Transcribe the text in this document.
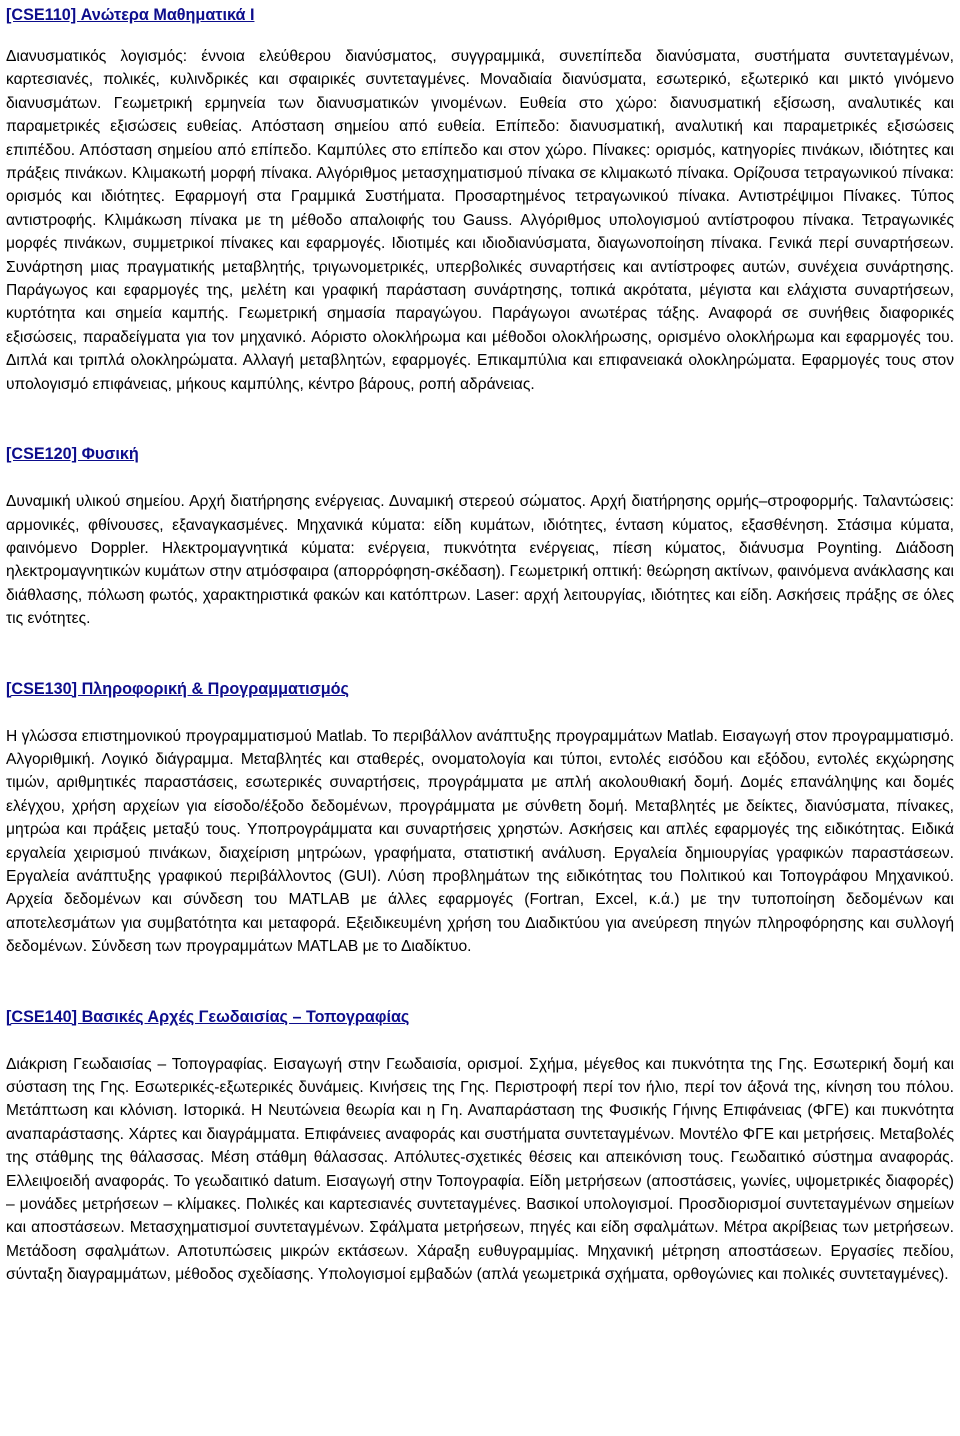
[CSE110] Ανώτερα Μαθηματικά Ι

Διανυσματικός λογισμός: έννοια ελεύθερου διανύσματος, συγγραμμικά, συνεπίπεδα διανύσματα, συστήματα συντεταγμένων, καρτεσιανές, πολικές, κυλινδρικές και σφαιρικές συντεταγμένες. Μοναδιαία διανύσματα, εσωτερικό, εξωτερικό και μικτό γινόμενο διανυσμάτων. Γεωμετρική ερμηνεία των διανυσματικών γινομένων. Ευθεία στο χώρο: διανυσματική εξίσωση, αναλυτικές και παραμετρικές εξισώσεις ευθείας. Απόσταση σημείου από ευθεία. Επίπεδο: διανυσματική, αναλυτική και παραμετρικές εξισώσεις επιπέδου. Απόσταση σημείου από επίπεδο. Καμπύλες στο επίπεδο και στον χώρο. Πίνακες: ορισμός, κατηγορίες πινάκων, ιδιότητες και πράξεις πινάκων. Κλιμακωτή μορφή πίνακα. Αλγόριθμος μετασχηματισμού πίνακα σε κλιμακωτό πίνακα. Ορίζουσα τετραγωνικού πίνακα: ορισμός και ιδιότητες. Εφαρμογή στα Γραμμικά Συστήματα. Προσαρτημένος τετραγωνικού πίνακα. Αντιστρέψιμοι Πίνακες. Τύπος αντιστροφής. Κλιμάκωση πίνακα με τη μέθοδο απαλοιφής του Gauss. Αλγόριθμος υπολογισμού αντίστροφου πίνακα. Τετραγωνικές μορφές πινάκων, συμμετρικοί πίνακες και εφαρμογές. Ιδιοτιμές και ιδιοδιανύσματα, διαγωνοποίηση πίνακα. Γενικά περί συναρτήσεων. Συνάρτηση μιας πραγματικής μεταβλητής, τριγωνομετρικές, υπερβολικές συναρτήσεις και αντίστροφες αυτών, συνέχεια συνάρτησης. Παράγωγος και εφαρμογές της, μελέτη και γραφική παράσταση συνάρτησης, τοπικά ακρότατα, μέγιστα και ελάχιστα συναρτήσεων, κυρτότητα και σημεία καμπής. Γεωμετρική σημασία παραγώγου. Παράγωγοι ανωτέρας τάξης. Αναφορά σε συνήθεις διαφορικές εξισώσεις, παραδείγματα για τον μηχανικό. Αόριστο ολοκλήρωμα και μέθοδοι ολοκλήρωσης, ορισμένο ολοκλήρωμα και εφαρμογές του. Διπλά και τριπλά ολοκληρώματα. Αλλαγή μεταβλητών, εφαρμογές. Επικαμπύλια και επιφανειακά ολοκληρώματα. Εφαρμογές τους στον υπολογισμό επιφάνειας, μήκους καμπύλης, κέντρο βάρους, ροπή αδράνειας.

[CSE120] Φυσική

Δυναμική υλικού σημείου. Αρχή διατήρησης ενέργειας. Δυναμική στερεού σώματος. Αρχή διατήρησης ορμής–στροφορμής. Ταλαντώσεις: αρμονικές, φθίνουσες, εξαναγκασμένες. Μηχανικά κύματα: είδη κυμάτων, ιδιότητες, ένταση κύματος, εξασθένηση. Στάσιμα κύματα, φαινόμενο Doppler. Ηλεκτρομαγνητικά κύματα: ενέργεια, πυκνότητα ενέργειας, πίεση κύματος, διάνυσμα Poynting. Διάδοση ηλεκτρομαγνητικών κυμάτων στην ατμόσφαιρα (απορρόφηση-σκέδαση). Γεωμετρική οπτική: θεώρηση ακτίνων, φαινόμενα ανάκλασης και διάθλασης, πόλωση φωτός, χαρακτηριστικά φακών και κατόπτρων. Laser: αρχή λειτουργίας, ιδιότητες και είδη. Ασκήσεις πράξης σε όλες τις ενότητες.

[CSE130] Πληροφορική & Προγραμματισμός

Η γλώσσα επιστημονικού προγραμματισμού Matlab. Το περιβάλλον ανάπτυξης προγραμμάτων Matlab. Εισαγωγή στον προγραμματισμό. Αλγοριθμική. Λογικό διάγραμμα. Μεταβλητές και σταθερές, ονοματολογία και τύποι, εντολές εισόδου και εξόδου, εντολές εκχώρησης τιμών, αριθμητικές παραστάσεις, εσωτερικές συναρτήσεις, προγράμματα με απλή ακολουθιακή δομή. Δομές επανάληψης και δομές ελέγχου, χρήση αρχείων για είσοδο/έξοδο δεδομένων, προγράμματα με σύνθετη δομή. Μεταβλητές με δείκτες, διανύσματα, πίνακες, μητρώα και πράξεις μεταξύ τους. Υποπρογράμματα και συναρτήσεις χρηστών. Ασκήσεις και απλές εφαρμογές της ειδικότητας. Ειδικά εργαλεία χειρισμού πινάκων, διαχείριση μητρώων, γραφήματα, στατιστική ανάλυση. Εργαλεία δημιουργίας γραφικών παραστάσεων. Εργαλεία ανάπτυξης γραφικού περιβάλλοντος (GUI). Λύση προβλημάτων της ειδικότητας του Πολιτικού και Τοπογράφου Μηχανικού. Αρχεία δεδομένων και σύνδεση του MATLAB με άλλες εφαρμογές (Fortran, Excel, κ.ά.) με την τυποποίηση δεδομένων και αποτελεσμάτων για συμβατότητα και μεταφορά. Εξειδικευμένη χρήση του Διαδικτύου για ανεύρεση πηγών πληροφόρησης και συλλογή δεδομένων. Σύνδεση των προγραμμάτων MATLAB με το Διαδίκτυο.

[CSE140] Βασικές Αρχές Γεωδαισίας – Τοπογραφίας

Διάκριση Γεωδαισίας – Τοπογραφίας. Εισαγωγή στην Γεωδαισία, ορισμοί. Σχήμα, μέγεθος και πυκνότητα της Γης. Εσωτερική δομή και σύσταση της Γης. Εσωτερικές-εξωτερικές δυνάμεις. Κινήσεις της Γης. Περιστροφή περί τον ήλιο, περί τον άξονά της, κίνηση του πόλου. Μετάπτωση και κλόνιση. Ιστορικά. Η Νευτώνεια θεωρία και η Γη. Αναπαράσταση της Φυσικής Γήινης Επιφάνειας (ΦΓΕ) και πυκνότητα αναπαράστασης. Χάρτες και διαγράμματα. Επιφάνειες αναφοράς και συστήματα συντεταγμένων. Μοντέλο ΦΓΕ και μετρήσεις. Μεταβολές της στάθμης της θάλασσας. Μέση στάθμη θάλασσας. Απόλυτες-σχετικές θέσεις και απεικόνιση τους. Γεωδαιτικό σύστημα αναφοράς. Ελλειψοειδή αναφοράς. Το γεωδαιτικό datum. Εισαγωγή στην Τοπογραφία. Είδη μετρήσεων (αποστάσεις, γωνίες, υψομετρικές διαφορές) – μονάδες μετρήσεων – κλίμακες. Πολικές και καρτεσιανές συντεταγμένες. Βασικοί υπολογισμοί. Προσδιορισμοί συντεταγμένων σημείων και αποστάσεων. Μετασχηματισμοί συντεταγμένων. Σφάλματα μετρήσεων, πηγές και είδη σφαλμάτων. Μέτρα ακρίβειας των μετρήσεων. Μετάδοση σφαλμάτων. Αποτυπώσεις μικρών εκτάσεων. Χάραξη ευθυγραμμίας. Μηχανική μέτρηση αποστάσεων. Εργασίες πεδίου, σύνταξη διαγραμμάτων, μέθοδος σχεδίασης. Υπολογισμοί εμβαδών (απλά γεωμετρικά σχήματα, ορθογώνιες και πολικές συντεταγμένες).
